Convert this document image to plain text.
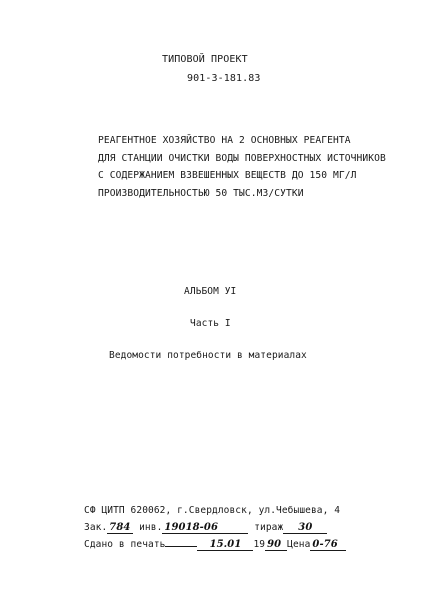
ТИПОВОЙ ПРОЕКТ
901-3-181.83
РЕАГЕНТНОЕ ХОЗЯЙСТВО НА 2 ОСНОВНЫХ РЕАГЕНТА
ДЛЯ СТАНЦИИ ОЧИСТКИ ВОДЫ ПОВЕРХНОСТНЫХ ИСТОЧНИКОВ
С СОДЕРЖАНИЕМ ВЗВЕШЕННЫХ ВЕЩЕСТВ ДО 150 МГ/Л
ПРОИЗВОДИТЕЛЬНОСТЬЮ 50 ТЫС.М3/СУТКИ
АЛЬБОМ УI
Часть I
Ведомости потребности в материалах
СФ ЦИТП 620062, г.Свердловск, ул.Чебышева, 4
Зак. 784 инв. 19018-06	тираж 30
Сдано в печать	15.01 19 90 Цена 0-76
